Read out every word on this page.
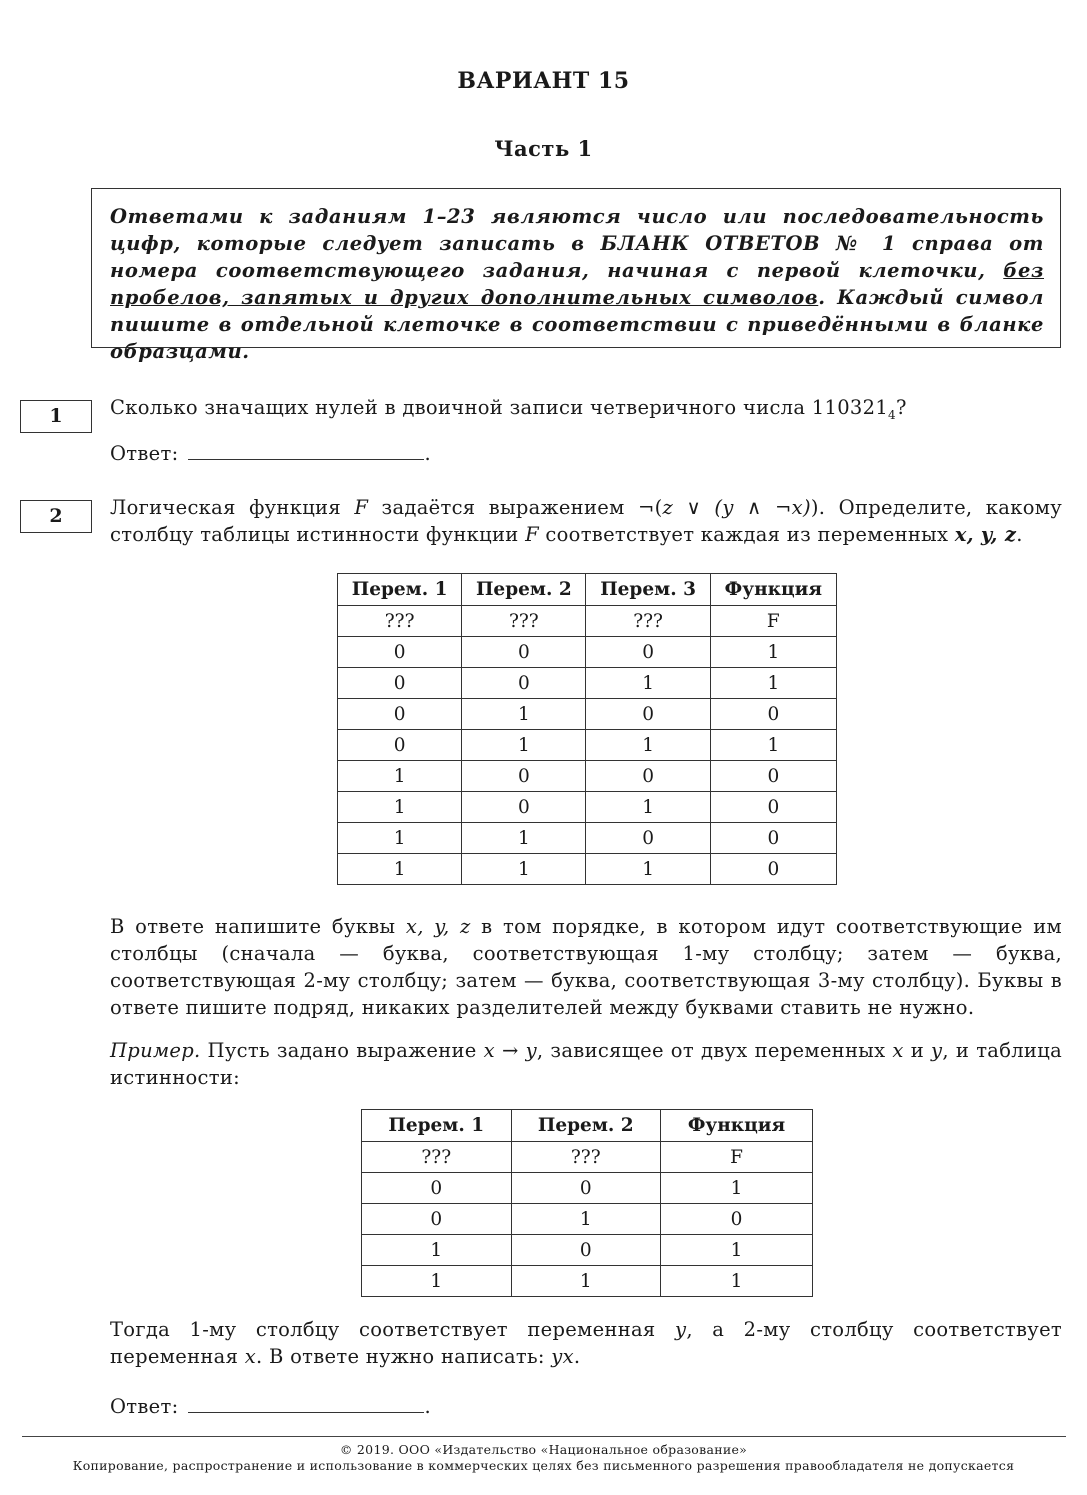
ВАРИАНТ 15
Часть 1
Ответами к заданиям 1–23 являются число или последовательность цифр, которые следует записать в БЛАНК ОТВЕТОВ № 1 справа от номера соответствующего задания, начиная с первой клеточки, без пробелов, запятых и других дополнительных символов. Каждый символ пишите в отдельной клеточке в соответствии с приведёнными в бланке образцами.
1	Сколько значащих нулей в двоичной записи четверичного числа $110321_4$?
Ответ:	.
2	Логическая функция F задаётся выражением ¬(z ∨ (y ∧ ¬x)). Определите, какому столбцу таблицы истинности функции F соответствует каждая из переменных x, y, z.
Перем. 1	Перем. 2	Перем. 3	Функция
???	???	???	F
0	0	0	1
0	0	1	1
0	1	0	0
0	1	1	1
1	0	0	0
1	0	1	0
1	1	0	0
1	1	1	0
В ответе напишите буквы x, y, z в том порядке, в котором идут соответствующие им столбцы (сначала — буква, соответствующая 1-му столбцу; затем — буква, соответствующая 2-му столбцу; затем — буква, соответствующая 3-му столбцу). Буквы в ответе пишите подряд, никаких разделителей между буквами ставить не нужно.
Пример. Пусть задано выражение x → y, зависящее от двух переменных x и y, и таблица истинности:
Перем. 1	Перем. 2	Функция
???	???	F
0	0	1
0	1	0
1	0	1
1	1	1
Тогда 1-му столбцу соответствует переменная y, а 2-му столбцу соответствует переменная x. В ответе нужно написать: yx.
Ответ:	.
© 2019. ООО «Издательство «Национальное образование»
Копирование, распространение и использование в коммерческих целях без письменного разрешения правообладателя не допускается
